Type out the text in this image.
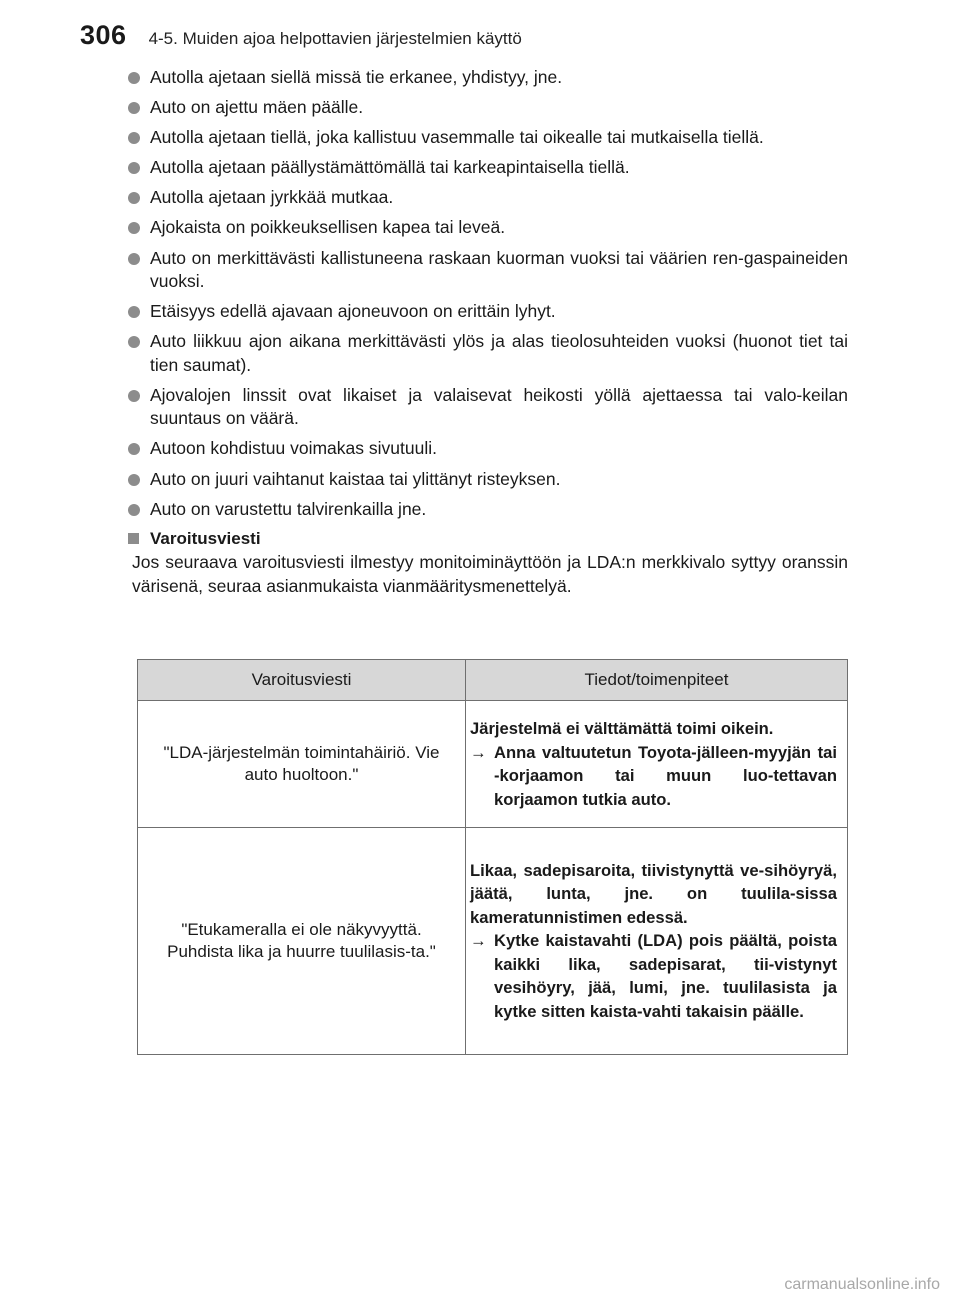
306 4-5. Muiden ajoa helpottavien järjestelmien käyttö
Autolla ajetaan siellä missä tie erkanee, yhdistyy, jne.
Auto on ajettu mäen päälle.
Autolla ajetaan tiellä, joka kallistuu vasemmalle tai oikealle tai mutkaisella tiellä.
Autolla ajetaan päällystämättömällä tai karkeapintaisella tiellä.
Autolla ajetaan jyrkkää mutkaa.
Ajokaista on poikkeuksellisen kapea tai leveä.
Auto on merkittävästi kallistuneena raskaan kuorman vuoksi tai väärien ren-gaspaineiden vuoksi.
Etäisyys edellä ajavaan ajoneuvoon on erittäin lyhyt.
Auto liikkuu ajon aikana merkittävästi ylös ja alas tieolosuhteiden vuoksi (huonot tiet tai tien saumat).
Ajovalojen linssit ovat likaiset ja valaisevat heikosti yöllä ajettaessa tai valo-keilan suuntaus on väärä.
Autoon kohdistuu voimakas sivutuuli.
Auto on juuri vaihtanut kaistaa tai ylittänyt risteyksen.
Auto on varustettu talvirenkailla jne.
Varoitusviesti
Jos seuraava varoitusviesti ilmestyy monitoiminäyttöön ja LDA:n merkkivalo syttyy oranssin värisenä, seuraa asianmukaista vianmääritysmenettelyä.
Varoitusviesti	Tiedot/toimenpiteet
"LDA-järjestelmän toimintahäiriö. Vie auto huoltoon."	Järjestelmä ei välttämättä toimi oikein.
→ Anna valtuutetun Toyota-jälleen-myyjän tai -korjaamon tai muun luo-tettavan korjaamon tutkia auto.

"Etukameralla ei ole näkyvyyttä. Puhdista lika ja huurre tuulilasis-ta."	Likaa, sadepisaroita, tiivistynyttä ve-sihöyryä, jäätä, lunta, jne. on tuulila-sissa kameratunnistimen edessä.
→ Kytke kaistavahti (LDA) pois päältä, poista kaikki lika, sadepisarat, tii-vistynyt vesihöyry, jää, lumi, jne. tuulilasista ja kytke sitten kaista-vahti takaisin päälle.
carmanualsonline.info
